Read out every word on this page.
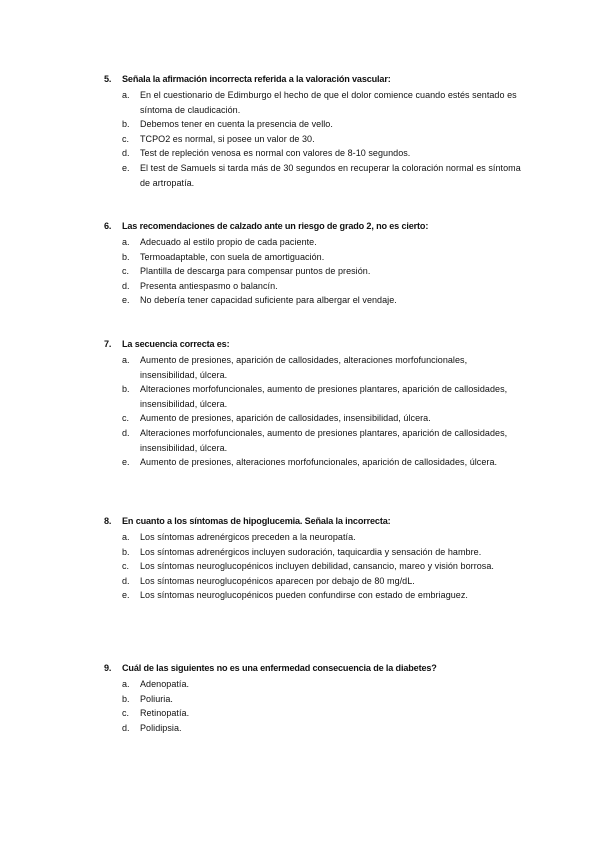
5.	Señala la afirmación incorrecta referida a la valoración vascular:
a.	En el cuestionario de Edimburgo el hecho de que el dolor comience cuando estés sentado es síntoma de claudicación.
b.	Debemos tener en cuenta la presencia de vello.
c.	TCPO2 es normal, si posee un valor de 30.
d.	Test de repleción venosa es normal con valores de 8-10 segundos.
e.	El test de Samuels si tarda más de 30 segundos en recuperar la coloración normal es síntoma de artropatía.
6.	Las recomendaciones de calzado ante un riesgo de grado 2, no es cierto:
a.	Adecuado al estilo propio de cada paciente.
b.	Termoadaptable, con suela de amortiguación.
c.	Plantilla de descarga para compensar puntos de presión.
d.	Presenta antiespasmo o balancín.
e.	No debería tener capacidad suficiente para albergar el vendaje.
7.	La secuencia correcta es:
a.	Aumento de presiones, aparición de callosidades, alteraciones morfofuncionales, insensibilidad, úlcera.
b.	Alteraciones morfofuncionales, aumento de presiones plantares, aparición de callosidades, insensibilidad, úlcera.
c.	Aumento de presiones, aparición de callosidades, insensibilidad, úlcera.
d.	Alteraciones morfofuncionales, aumento de presiones plantares, aparición de callosidades, insensibilidad, úlcera.
e.	Aumento de presiones, alteraciones morfofuncionales, aparición de callosidades, úlcera.
8.	En cuanto a los síntomas de hipoglucemia. Señala la incorrecta:
a.	Los síntomas adrenérgicos preceden a la neuropatía.
b.	Los síntomas adrenérgicos incluyen sudoración, taquicardia y sensación de hambre.
c.	Los síntomas neuroglucopénicos incluyen debilidad, cansancio, mareo y visión borrosa.
d.	Los síntomas neuroglucopénicos aparecen por debajo de 80 mg/dL.
e.	Los síntomas neuroglucopénicos pueden confundirse con estado de embriaguez.
9.	Cuál de las siguientes no es una enfermedad consecuencia de la diabetes?
a.	Adenopatía.
b.	Poliuria.
c.	Retinopatía.
d.	Polidipsia.
